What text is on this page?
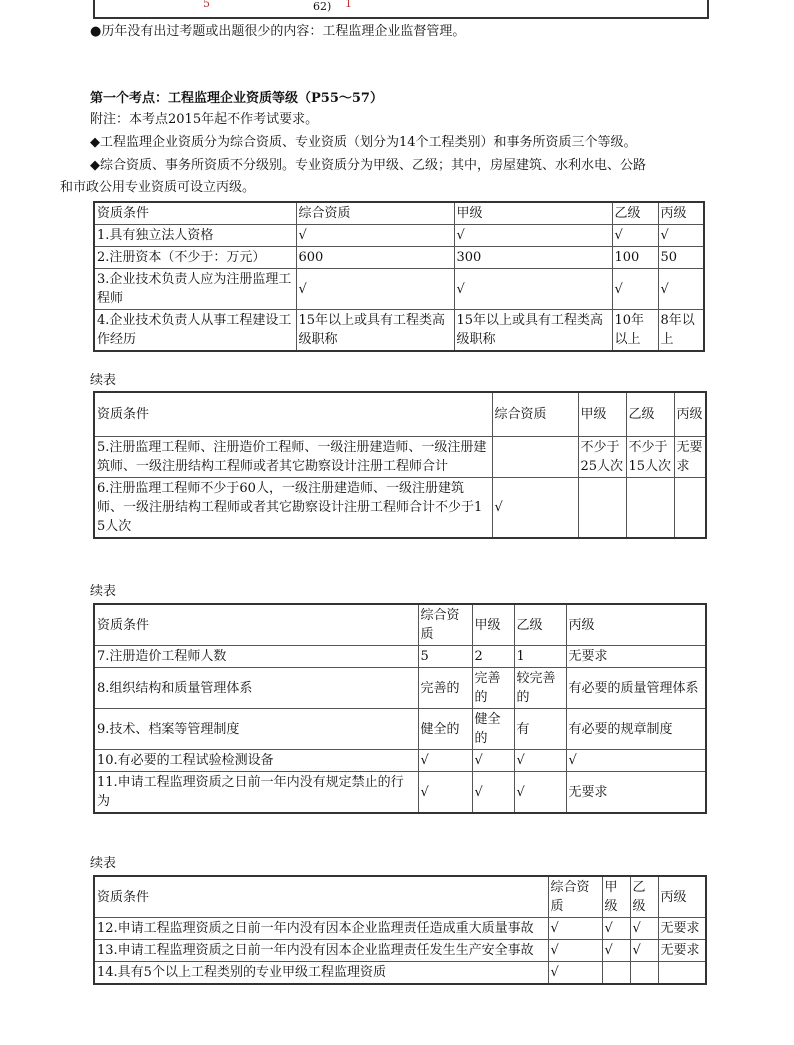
5	62) 1
●历年没有出过考题或出题很少的内容：工程监理企业监督管理。
第一个考点：工程监理企业资质等级（P55～57）
附注：本考点2015年起不作考试要求。
◆工程监理企业资质分为综合资质、专业资质（划分为14个工程类别）和事务所资质三个等级。
◆综合资质、事务所资质不分级别。专业资质分为甲级、乙级；其中，房屋建筑、水利水电、公路
和市政公用专业资质可设立丙级。
资质条件	综合资质	甲级	乙级	丙级
1.具有独立法人资格	√	√	√	√
2.注册资本（不少于：万元）	600	300	100	50
3.企业技术负责人应为注册监理工程师	√	√	√	√
4.企业技术负责人从事工程建设工作经历	15年以上或具有工程类高级职称	15年以上或具有工程类高级职称	10年以上	8年以上
续表
资质条件	综合资质	甲级	乙级	丙级
5.注册监理工程师、注册造价工程师、一级注册建造师、一级注册建筑师、一级注册结构工程师或者其它勘察设计注册工程师合计		不少于25人次	不少于15人次	无要求
6.注册监理工程师不少于60人，一级注册建造师、一级注册建筑师、一级注册结构工程师或者其它勘察设计注册工程师合计不少于15人次	√			
续表
资质条件	综合资质	甲级	乙级	丙级
7.注册造价工程师人数	5	2	1	无要求
8.组织结构和质量管理体系	完善的	完善的	较完善的	有必要的质量管理体系
9.技术、档案等管理制度	健全的	健全的	有	有必要的规章制度
10.有必要的工程试验检测设备	√	√	√	√
11.申请工程监理资质之日前一年内没有规定禁止的行为	√	√	√	无要求
续表
资质条件	综合资质	甲级	乙级	丙级
12.申请工程监理资质之日前一年内没有因本企业监理责任造成重大质量事故	√	√	√	无要求
13.申请工程监理资质之日前一年内没有因本企业监理责任发生生产安全事故	√	√	√	无要求
14.具有5个以上工程类别的专业甲级工程监理资质	√			
